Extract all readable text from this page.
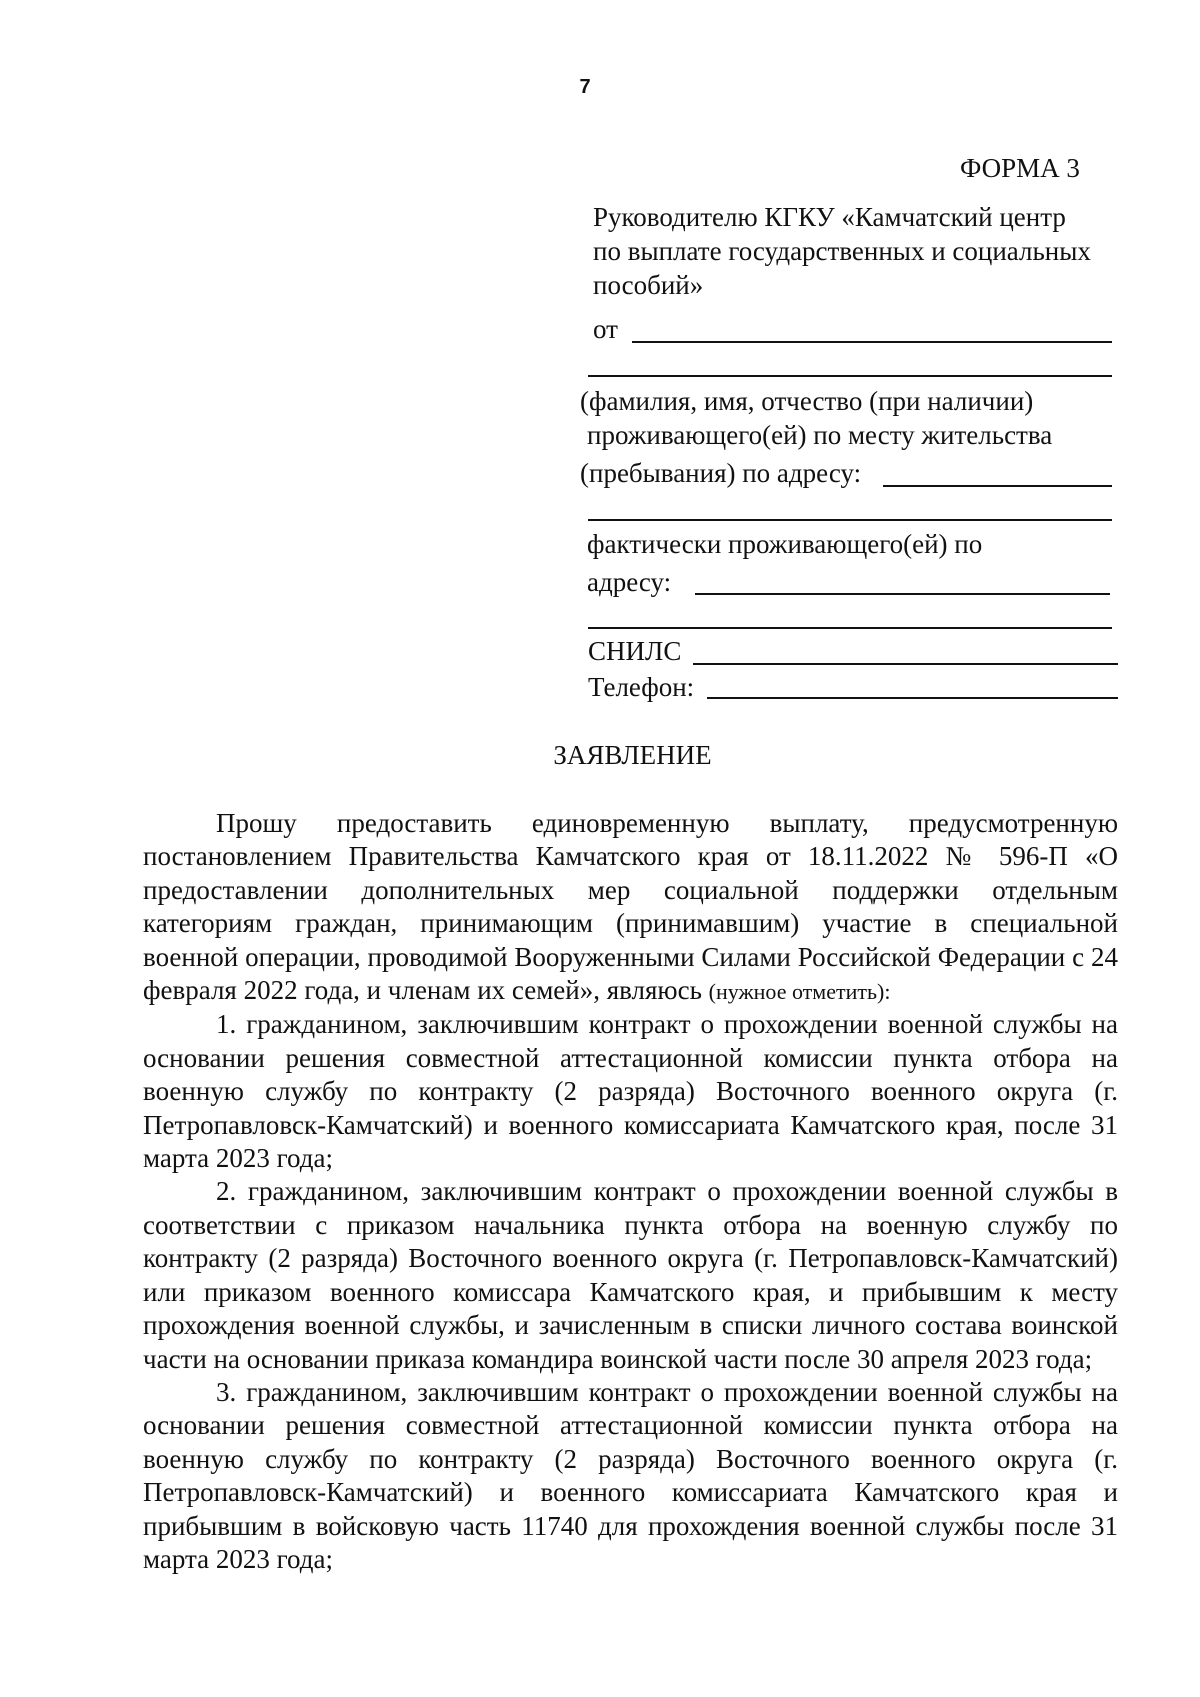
7
ФОРМА 3
Руководителю КГКУ «Камчатский центр
по выплате государственных и социальных
пособий»
от
(фамилия, имя, отчество (при наличии)
проживающего(ей) по месту жительства
(пребывания) по адресу:
фактически проживающего(ей) по
адресу:
СНИЛС
Телефон:
ЗАЯВЛЕНИЕ

Прошу предоставить единовременную выплату, предусмотренную постановлением Правительства Камчатского края от 18.11.2022 № 596-П «О предоставлении дополнительных мер социальной поддержки отдельным категориям граждан, принимающим (принимавшим) участие в специальной военной операции, проводимой Вооруженными Силами Российской Федерации с 24 февраля 2022 года, и членам их семей», являюсь (нужное отметить):

1. гражданином, заключившим контракт о прохождении военной службы на основании решения совместной аттестационной комиссии пункта отбора на военную службу по контракту (2 разряда) Восточного военного округа (г. Петропавловск-Камчатский) и военного комиссариата Камчатского края, после 31 марта 2023 года;

2. гражданином, заключившим контракт о прохождении военной службы в соответствии с приказом начальника пункта отбора на военную службу по контракту (2 разряда) Восточного военного округа (г. Петропавловск-Камчатский) или приказом военного комиссара Камчатского края, и прибывшим к месту прохождения военной службы, и зачисленным в списки личного состава воинской части на основании приказа командира воинской части после 30 апреля 2023 года;

3. гражданином, заключившим контракт о прохождении военной службы на основании решения совместной аттестационной комиссии пункта отбора на военную службу по контракту (2 разряда) Восточного военного округа (г. Петропавловск-Камчатский) и военного комиссариата Камчатского края и прибывшим в войсковую часть 11740 для прохождения военной службы после 31 марта 2023 года;
